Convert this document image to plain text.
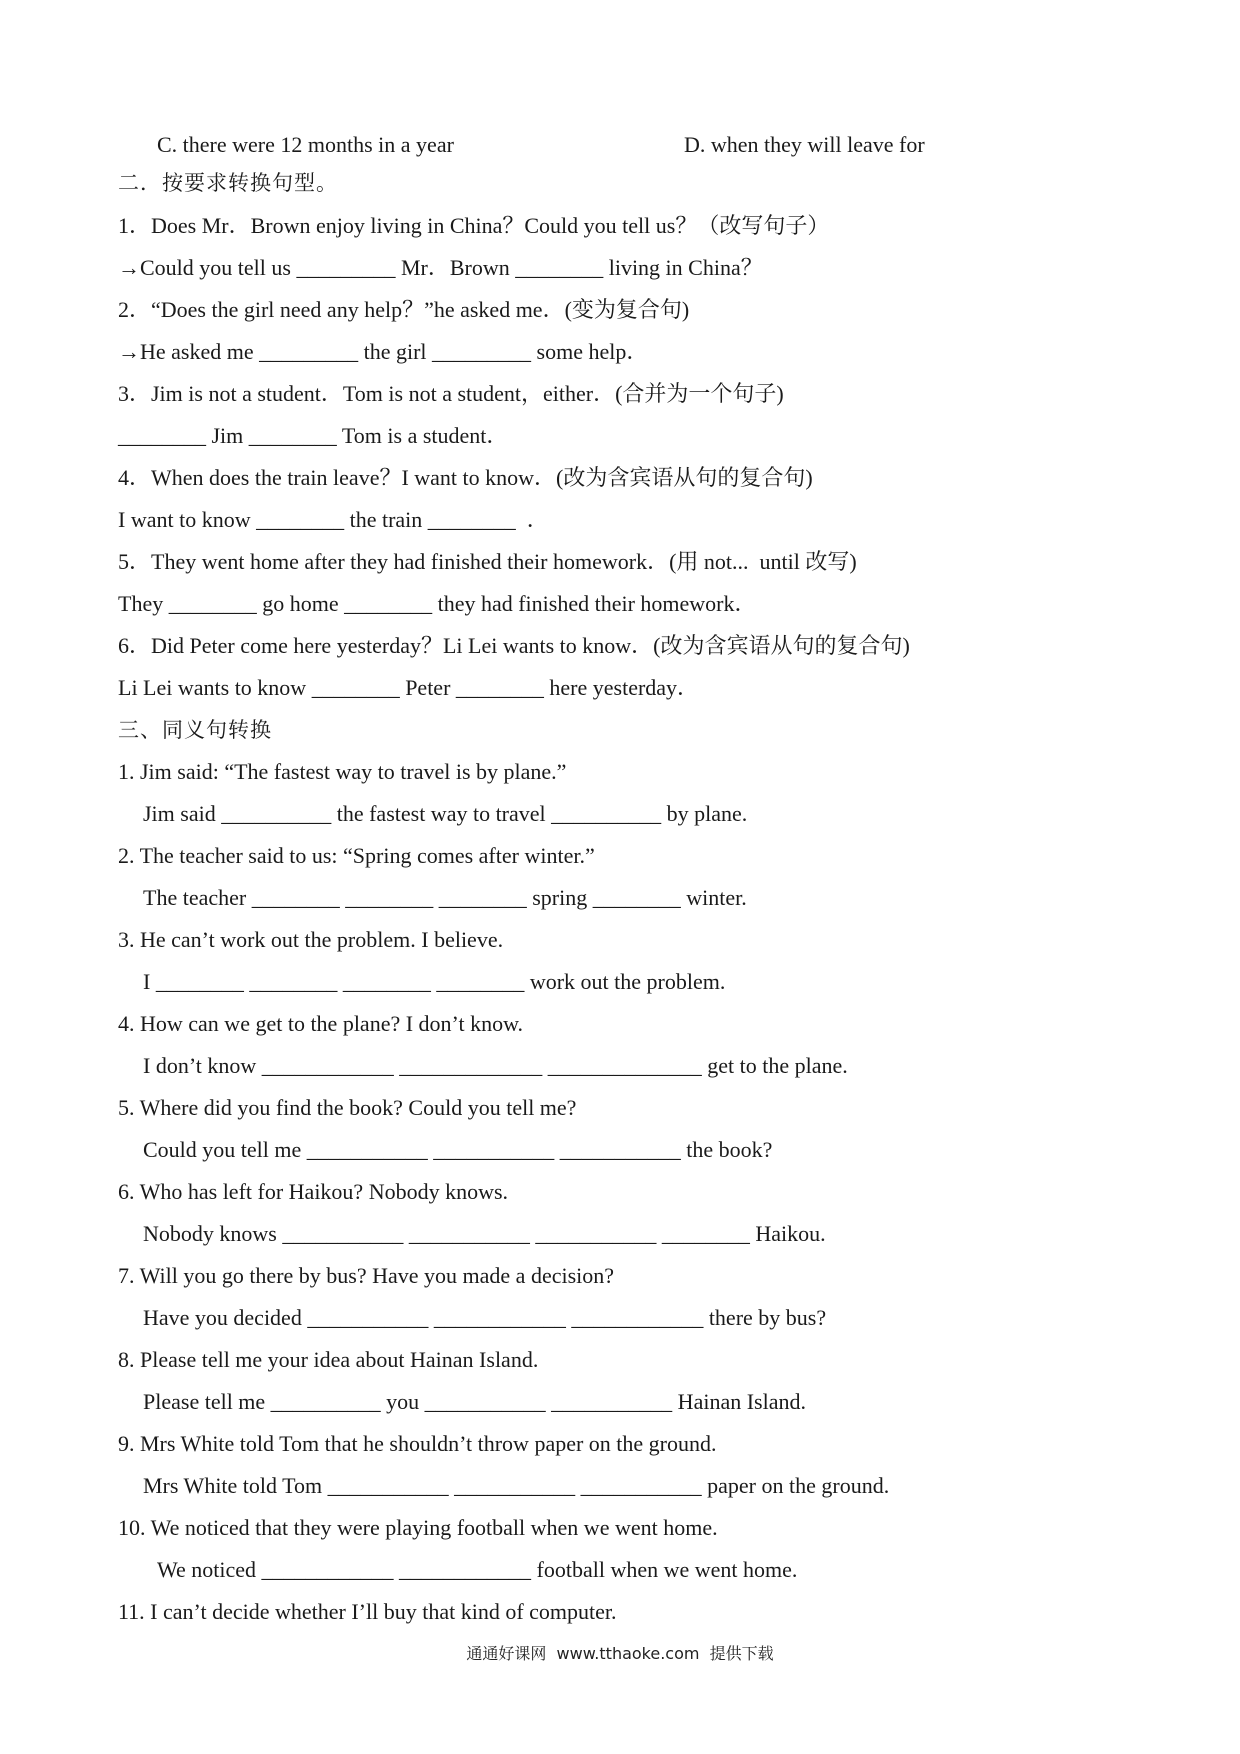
C. there were 12 months in a year	D. when they will leave for
二．按要求转换句型。
1．Does Mr．Brown enjoy living in China？Could you tell us？（改写句子）
→Could you tell us _________ Mr．Brown ________ living in China？
2．“Does the girl need any help？”he asked me．(变为复合句)
→He asked me _________ the girl _________ some help．
3．Jim is not a student．Tom is not a student，either．(合并为一个句子)
________ Jim ________ Tom is a student．
4．When does the train leave？I want to know．(改为含宾语从句的复合句)
I want to know ________ the train ________  ．
5．They went home after they had finished their homework．(用 not...  until 改写)
They ________ go home ________ they had finished their homework．
6．Did Peter come here yesterday？Li Lei wants to know．(改为含宾语从句的复合句)
Li Lei wants to know ________ Peter ________ here yesterday．
三、同义句转换
1. Jim said: “The fastest way to travel is by plane.”
Jim said __________ the fastest way to travel __________ by plane.
2. The teacher said to us: “Spring comes after winter.”
The teacher ________ ________ ________ spring ________ winter.
3. He can’t work out the problem. I believe.
I ________ ________ ________ ________ work out the problem.
4. How can we get to the plane? I don’t know.
I don’t know ____________ _____________ ______________ get to the plane.
5. Where did you find the book? Could you tell me?
Could you tell me ___________ ___________ ___________ the book?
6. Who has left for Haikou? Nobody knows.
Nobody knows ___________ ___________ ___________ ________ Haikou.
7. Will you go there by bus? Have you made a decision?
Have you decided ___________ ____________ ____________ there by bus?
8. Please tell me your idea about Hainan Island.
Please tell me __________ you ___________ ___________ Hainan Island.
9. Mrs White told Tom that he shouldn’t throw paper on the ground.
Mrs White told Tom ___________ ___________ ___________ paper on the ground.
10. We noticed that they were playing football when we went home.
We noticed ____________ ____________ football when we went home.
11. I can’t decide whether I’ll buy that kind of computer.
通通好课网  www.tthaoke.com  提供下载
